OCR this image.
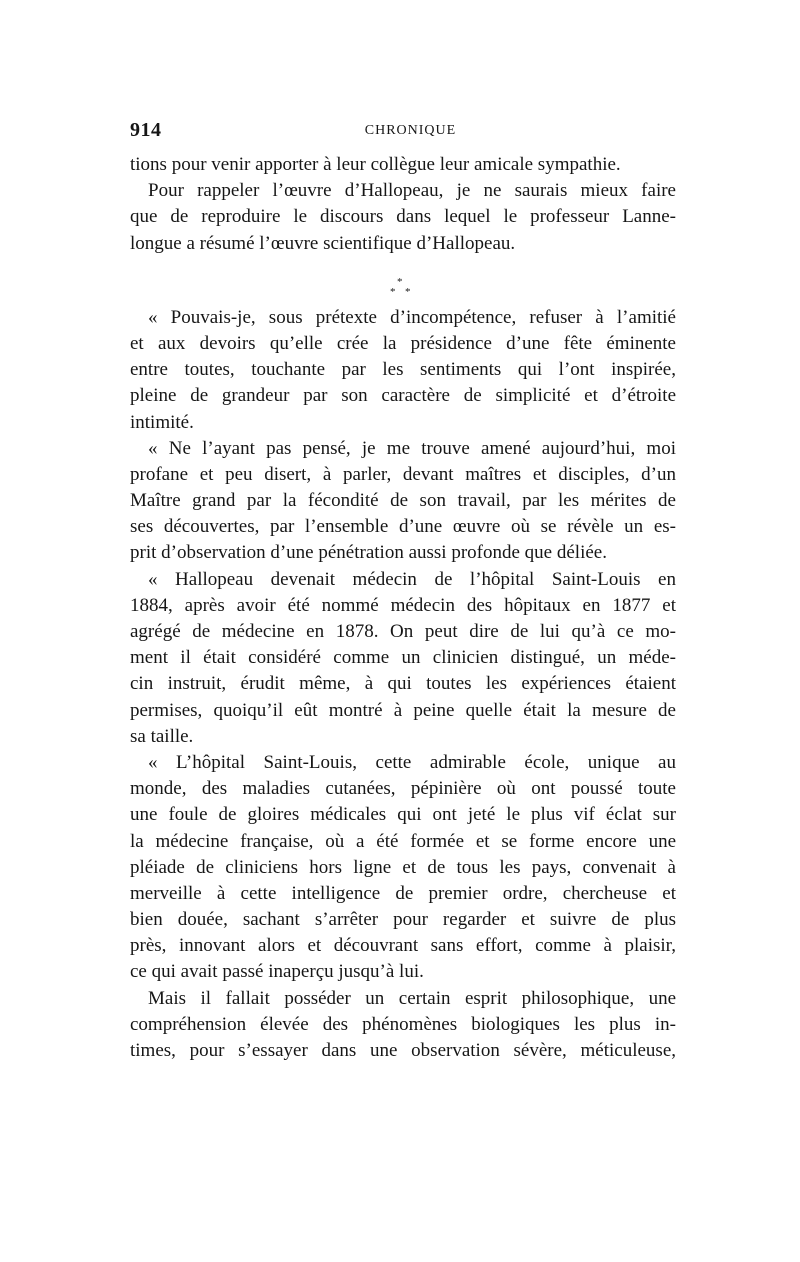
914	CHRONIQUE
tions pour venir apporter à leur collègue leur amicale sympathie.
Pour rappeler l’œuvre d’Hallopeau, je ne saurais mieux faire
que de reproduire le discours dans lequel le professeur Lanne-
longue a résumé l’œuvre scientifique d’Hallopeau.
*
* *
« Pouvais-je, sous prétexte d’incompétence, refuser à l’amitié
et aux devoirs qu’elle crée la présidence d’une fête éminente
entre toutes, touchante par les sentiments qui l’ont inspirée,
pleine de grandeur par son caractère de simplicité et d’étroite
intimité.
« Ne l’ayant pas pensé, je me trouve amené aujourd’hui, moi
profane et peu disert, à parler, devant maîtres et disciples, d’un
Maître grand par la fécondité de son travail, par les mérites de
ses découvertes, par l’ensemble d’une œuvre où se révèle un es-
prit d’observation d’une pénétration aussi profonde que déliée.
« Hallopeau devenait médecin de l’hôpital Saint-Louis en
1884, après avoir été nommé médecin des hôpitaux en 1877 et
agrégé de médecine en 1878. On peut dire de lui qu’à ce mo-
ment il était considéré comme un clinicien distingué, un méde-
cin instruit, érudit même, à qui toutes les expériences étaient
permises, quoiqu’il eût montré à peine quelle était la mesure de
sa taille.
« L’hôpital Saint-Louis, cette admirable école, unique au
monde, des maladies cutanées, pépinière où ont poussé toute
une foule de gloires médicales qui ont jeté le plus vif éclat sur
la médecine française, où a été formée et se forme encore une
pléiade de cliniciens hors ligne et de tous les pays, convenait à
merveille à cette intelligence de premier ordre, chercheuse et
bien douée, sachant s’arrêter pour regarder et suivre de plus
près, innovant alors et découvrant sans effort, comme à plaisir,
ce qui avait passé inaperçu jusqu’à lui.
Mais il fallait posséder un certain esprit philosophique, une
compréhension élevée des phénomènes biologiques les plus in-
times, pour s’essayer dans une observation sévère, méticuleuse,
